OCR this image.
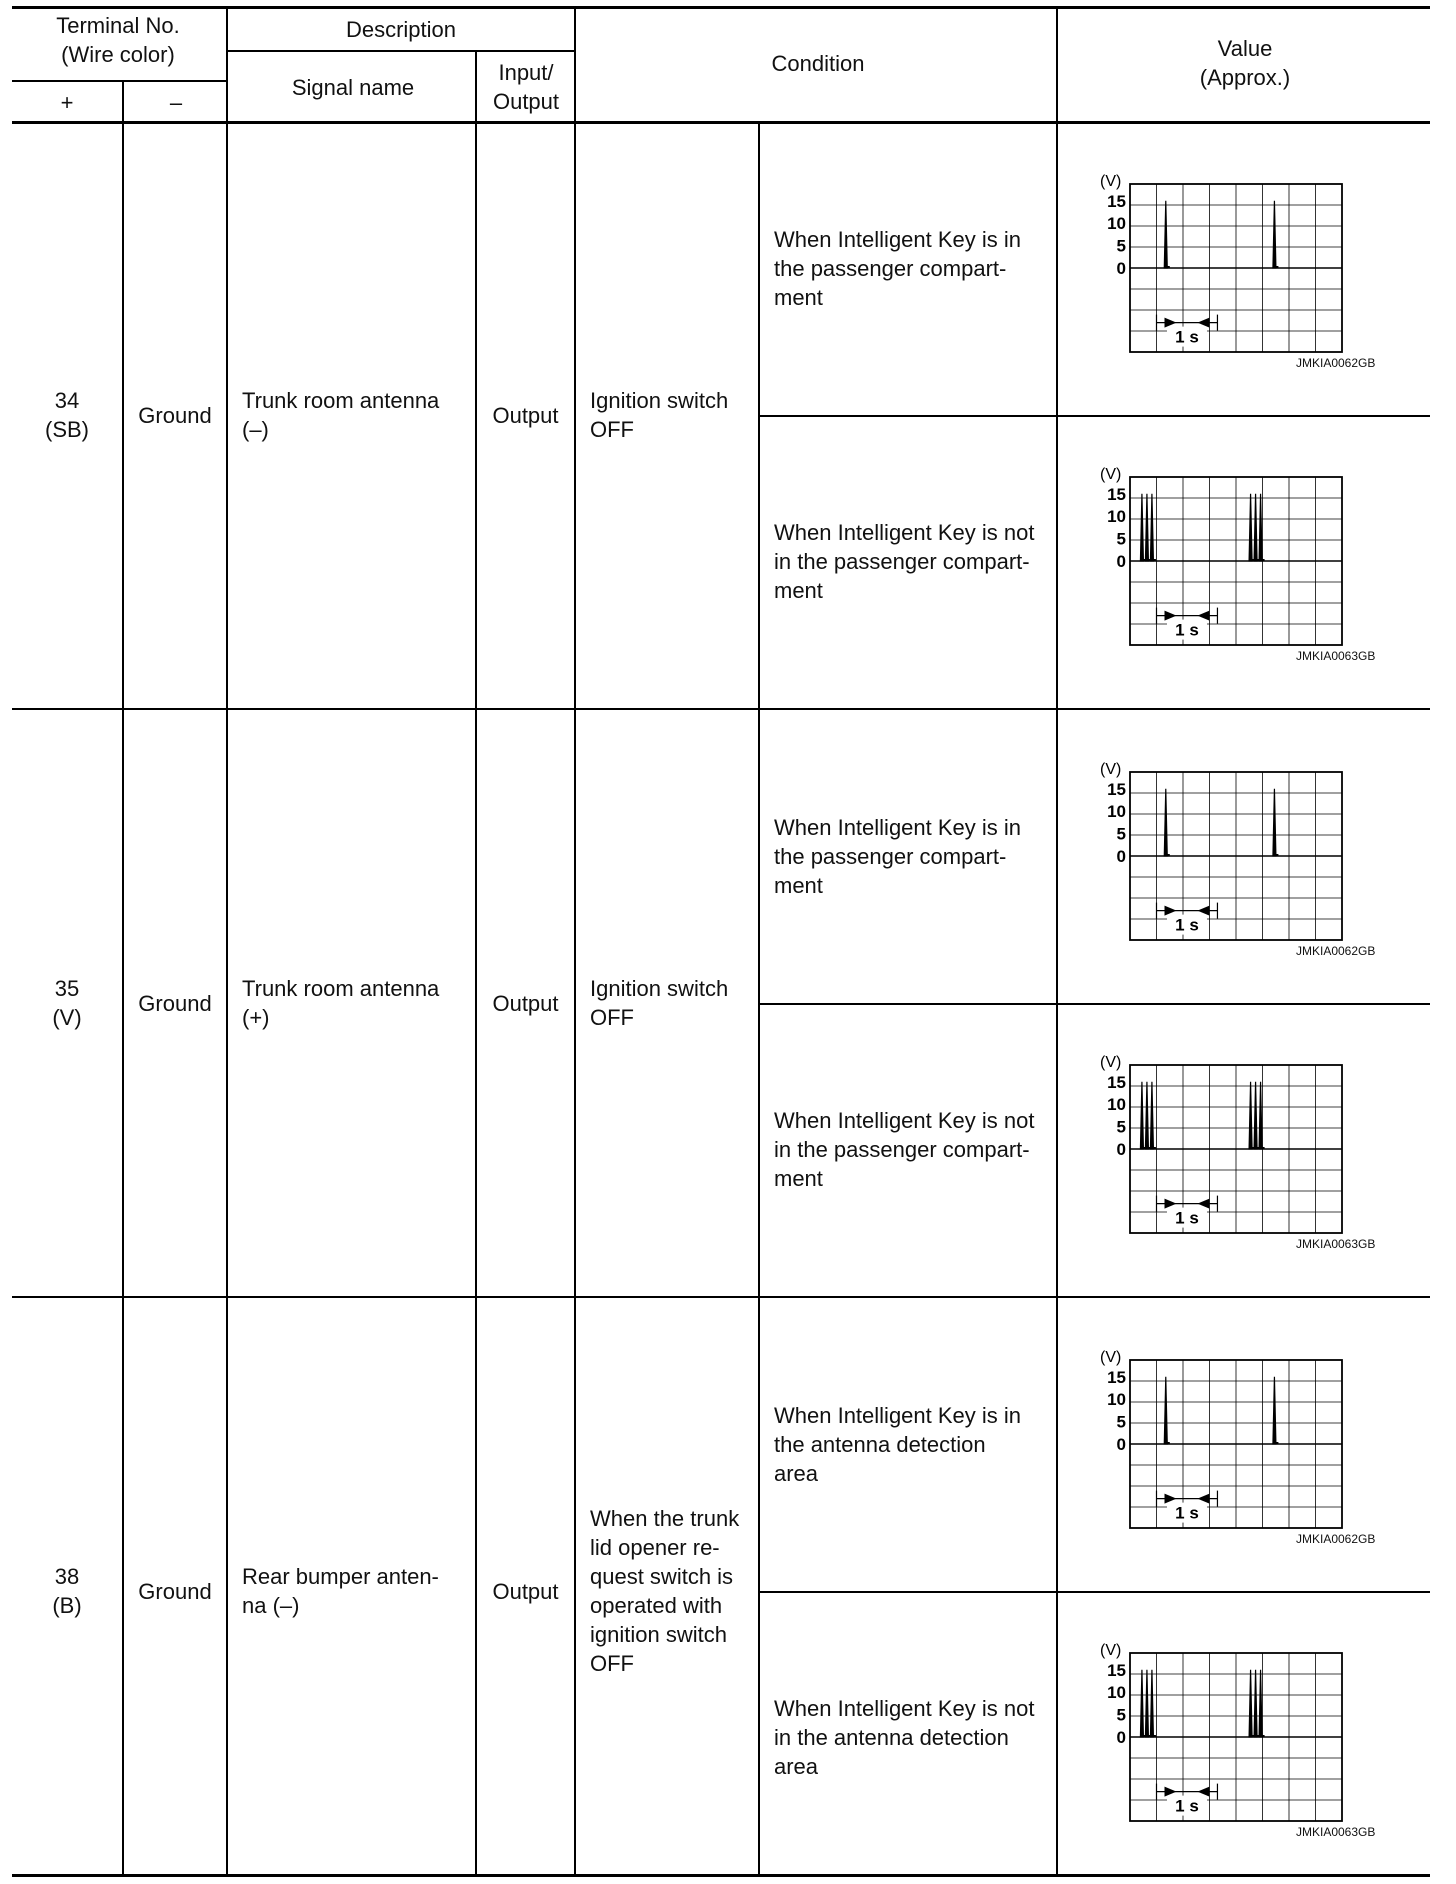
Terminal No.
(Wire color)
+	–
Description
Signal name
Input/
Output
Condition
Value
(Approx.)
34
(SB)
Ground
Trunk room antenna
(–)
Output
Ignition switch
OFF
When Intelligent Key is in
the passenger compart-
ment
(V)
15
10
5
0
1 s
JMKIA0062GB
When Intelligent Key is not
in the passenger compart-
ment
(V)
15
10
5
0
1 s
JMKIA0063GB
35
(V)
Ground
Trunk room antenna
(+)
Output
Ignition switch
OFF
When Intelligent Key is in
the passenger compart-
ment
(V)
15
10
5
0
1 s
JMKIA0062GB
When Intelligent Key is not
in the passenger compart-
ment
(V)
15
10
5
0
1 s
JMKIA0063GB
38
(B)
Ground
Rear bumper anten-
na (–)
Output
When the trunk
lid opener re-
quest switch is
operated with
ignition switch
OFF
When Intelligent Key is in
the antenna detection
area
(V)
15
10
5
0
1 s
JMKIA0062GB
When Intelligent Key is not
in the antenna detection
area
(V)
15
10
5
0
1 s
JMKIA0063GB
